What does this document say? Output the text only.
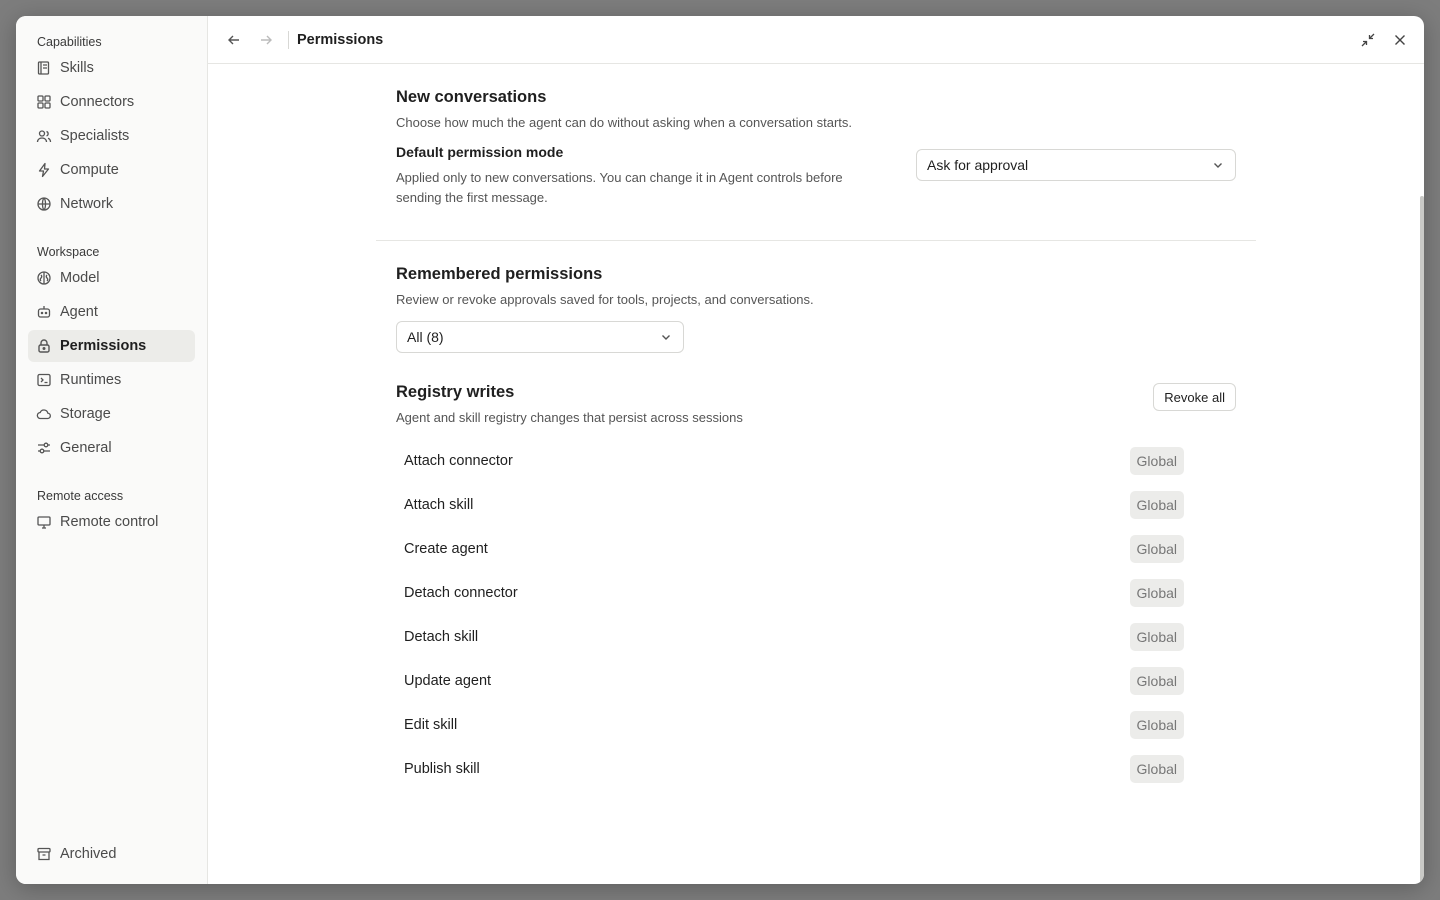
Capabilities
Skills
Connectors
Specialists
Compute
Network
Workspace
Model
Agent
Permissions
Runtimes
Storage
General
Remote access
Remote control
Archived
Permissions
New conversations
Choose how much the agent can do without asking when a conversation starts.
Default permission mode
Applied only to new conversations. You can change it in Agent controls before sending the first message.
Ask for approval
Remembered permissions
Review or revoke approvals saved for tools, projects, and conversations.
All (8)
Registry writes
Agent and skill registry changes that persist across sessions
Revoke all
Attach connector	Global
Attach skill	Global
Create agent	Global
Detach connector	Global
Detach skill	Global
Update agent	Global
Edit skill	Global
Publish skill	Global
